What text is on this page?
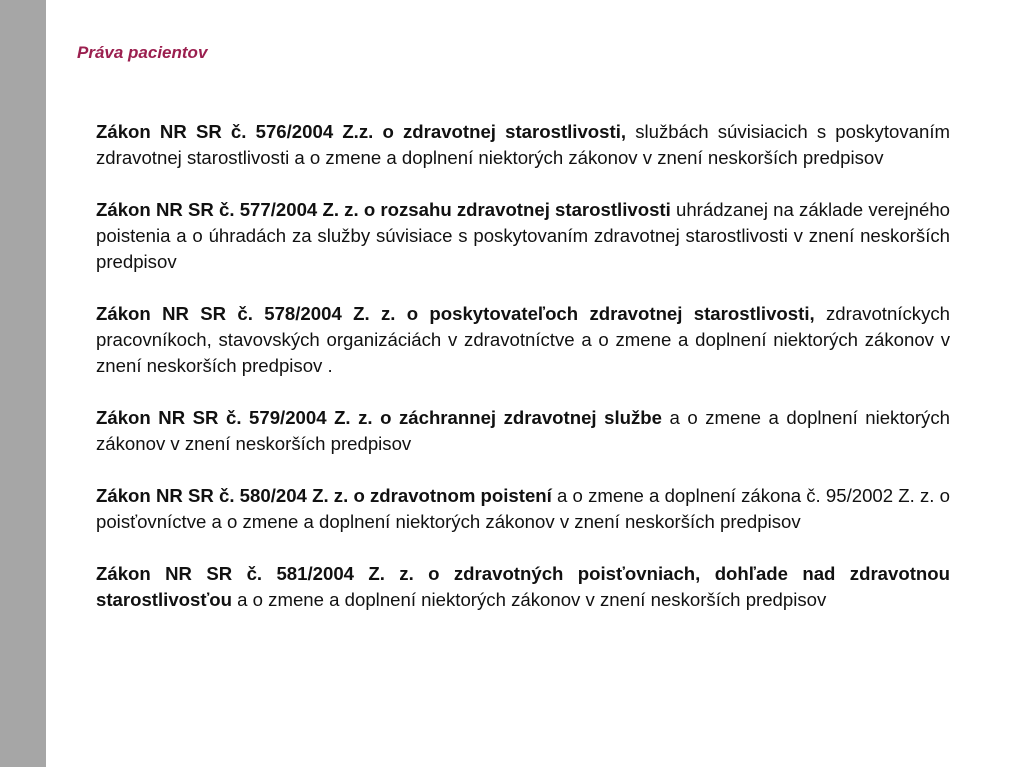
Práva pacientov

Zákon NR SR č. 576/2004 Z.z. o zdravotnej starostlivosti, službách súvisiacich s poskytovaním zdravotnej starostlivosti a o zmene a doplnení niektorých zákonov v znení neskorších predpisov

Zákon NR SR č. 577/2004 Z. z. o rozsahu zdravotnej starostlivosti uhrádzanej na základe verejného poistenia a o úhradách za služby súvisiace s poskytovaním zdravotnej starostlivosti v znení neskorších predpisov

Zákon NR SR č. 578/2004 Z. z. o poskytovateľoch zdravotnej starostlivosti, zdravotníckych pracovníkoch, stavovských organizáciách v zdravotníctve a o zmene a doplnení niektorých zákonov v znení neskorších predpisov .

Zákon NR SR č. 579/2004 Z. z. o záchrannej zdravotnej službe a o zmene a doplnení niektorých zákonov v znení neskorších predpisov

Zákon NR SR č. 580/204 Z. z. o zdravotnom poistení a o zmene a doplnení zákona č. 95/2002 Z. z. o poisťovníctve a o zmene a doplnení niektorých zákonov v znení neskorších predpisov

Zákon NR SR č. 581/2004 Z. z. o zdravotných poisťovniach, dohľade nad zdravotnou starostlivosťou a o zmene a doplnení niektorých zákonov v znení neskorších predpisov
